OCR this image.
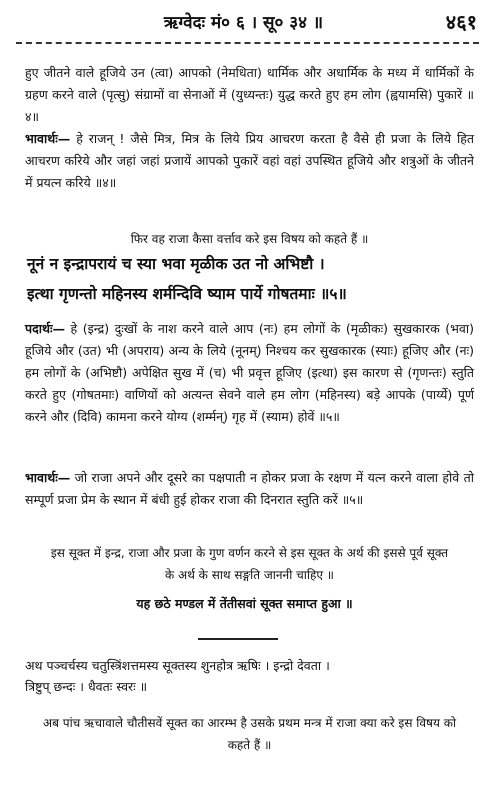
ऋग्वेदः मं० ६ । सू० ३४ ॥	४६१
हुए जीतने वाले हूजिये उन (त्वा) आपको (नेमधिता) धार्मिक और अधार्मिक के मध्य में धार्मिकों के ग्रहण करने वाले (पृत्सु) संग्रामों वा सेनाओं में (युध्यन्तः) युद्ध करते हुए हम लोग (ह्वयामसि) पुकारें ॥४॥
भावार्थः— हे राजन् ! जैसे मित्र, मित्र के लिये प्रिय आचरण करता है वैसे ही प्रजा के लिये हित आचरण करिये और जहां जहां प्रजायें आपको पुकारें वहां वहां उपस्थित हूजिये और शत्रुओं के जीतने में प्रयत्न करिये ॥४॥
फिर वह राजा कैसा वर्त्ताव करे इस विषय को कहते हैं ॥
नूनं न इन्द्रापरायं च स्या भवा मृळीक उत नो अभिष्टौ ।
इत्था गृणन्तो महिनस्य शर्मन्दिवि ष्याम पार्ये गोषतमाः ॥५॥
पदार्थः— हे (इन्द्र) दुःखों के नाश करने वाले आप (नः) हम लोगों के (मृळीकः) सुखकारक (भवा) हूजिये और (उत) भी (अपराय) अन्य के लिये (नूनम्) निश्चय कर सुखकारक (स्याः) हूजिए और (नः) हम लोगों के (अभिष्टौ) अपेक्षित सुख में (च) भी प्रवृत्त हूजिए (इत्था) इस कारण से (गृणन्तः) स्तुति करते हुए (गोषतमाः) वाणियों को अत्यन्त सेवने वाले हम लोग (महिनस्य) बड़े आपके (पार्य्ये) पूर्ण करने और (दिवि) कामना करने योग्य (शर्म्मन्) गृह में (स्याम) होवें ॥५॥
भावार्थः— जो राजा अपने और दूसरे का पक्षपाती न होकर प्रजा के रक्षण में यत्न करने वाला होवे तो सम्पूर्ण प्रजा प्रेम के स्थान में बंधी हुई होकर राजा की दिनरात स्तुति करें ॥५॥
इस सूक्त में इन्द्र, राजा और प्रजा के गुण वर्णन करने से इस सूक्त के अर्थ की इससे पूर्व सूक्त के अर्थ के साथ सङ्गति जाननी चाहिए ॥
यह छठे मण्डल में तेंतीसवां सूक्त समाप्त हुआ ॥
अथ पञ्चर्चस्य चतुस्त्रिंशत्तमस्य सूक्तस्य शुनहोत्र ऋषिः । इन्द्रो देवता ।
त्रिष्टुप् छन्दः । धैवतः स्वरः ॥
अब पांच ऋचावाले चौतीसवें सूक्त का आरम्भ है उसके प्रथम मन्त्र में राजा क्या करे इस विषय को कहते हैं ॥
